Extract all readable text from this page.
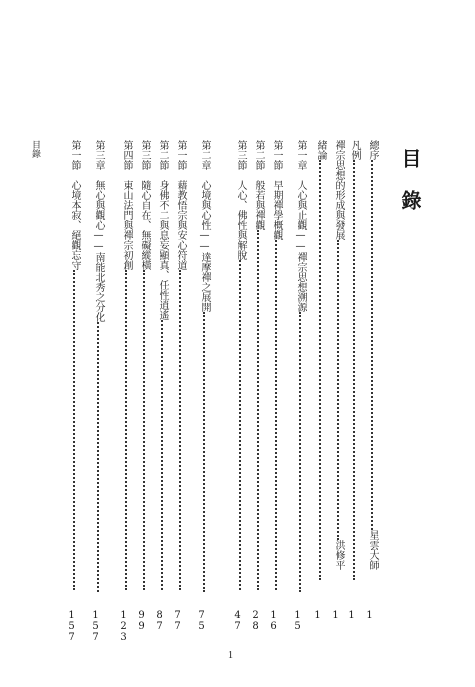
目錄	目錄
總序星雲大師
1
凡例
1
禪宗思想的形成與發展洪修平
1
緒論
1
第一章　人心與止觀——禪宗思想溯源
15
第一節　早期禪學概觀
16
第二節　般若與禪觀
28
第三節　人心、佛性與解脫
47
第二章　心境與心性——達摩禪之展開
75
第一節　藉教悟宗與安心符道
77
第二節　身佛不二與息妄顯真、任性逍遙
87
第三節　隨心自在、無礙縱橫
99
第四節　東山法門與禪宗初創
123
第三章　無心與觀心——南能北秀之分化
157
第一節　心境本寂、絕觀忘守
157
1
